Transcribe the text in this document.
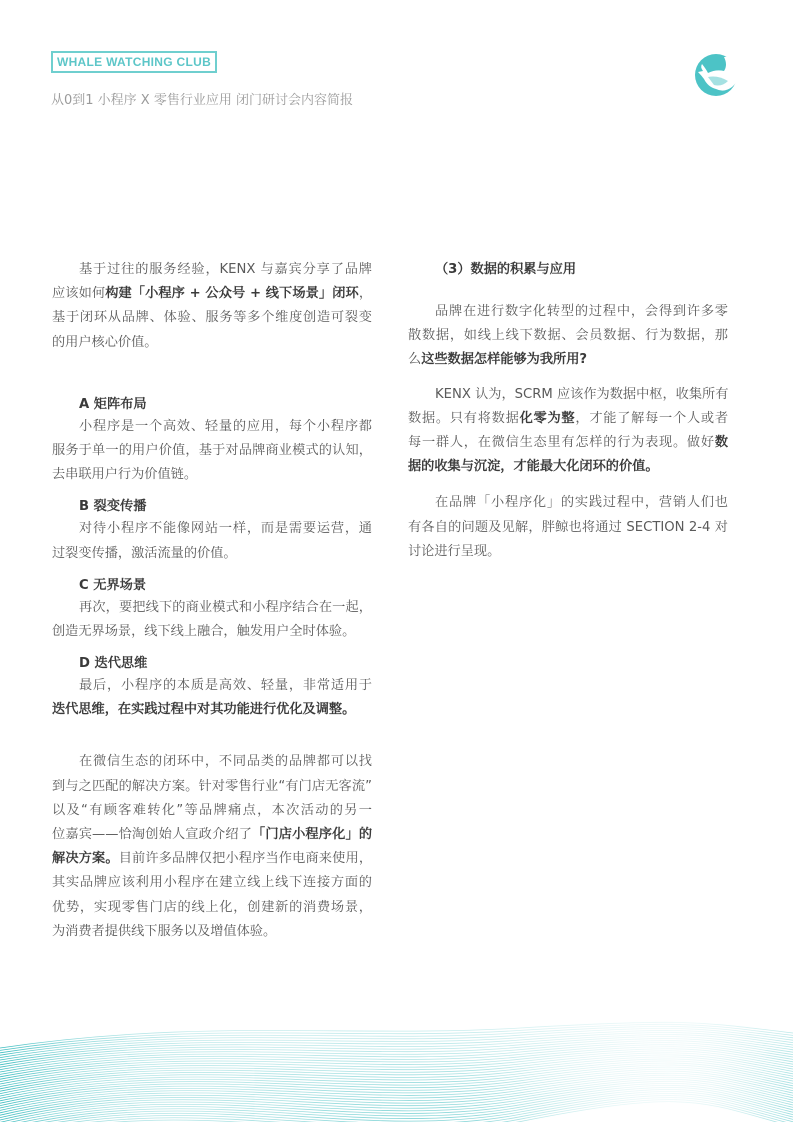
WHALE WATCHING CLUB
从0到1 小程序 X 零售行业应用 闭门研讨会内容简报
基于过往的服务经验，KENX 与嘉宾分享了品牌
应该如何构建「小程序 + 公众号 + 线下场景」闭环，
基于闭环从品牌、体验、服务等多个维度创造可裂变
的用户核心价值。
A 矩阵布局
小程序是一个高效、轻量的应用，每个小程序都
服务于单一的用户价值，基于对品牌商业模式的认知，
去串联用户行为价值链。
B 裂变传播
对待小程序不能像网站一样，而是需要运营，通
过裂变传播，激活流量的价值。
C 无界场景
再次，要把线下的商业模式和小程序结合在一起，
创造无界场景，线下线上融合，触发用户全时体验。
D 迭代思维
最后，小程序的本质是高效、轻量，非常适用于
迭代思维，在实践过程中对其功能进行优化及调整。
在微信生态的闭环中，不同品类的品牌都可以找
到与之匹配的解决方案。针对零售行业“有门店无客流”
以及“有顾客难转化”等品牌痛点，本次活动的另一
位嘉宾——恰淘创始人宣政介绍了「门店小程序化」的
解决方案。目前许多品牌仅把小程序当作电商来使用，
其实品牌应该利用小程序在建立线上线下连接方面的
优势，实现零售门店的线上化，创建新的消费场景，
为消费者提供线下服务以及增值体验。
（3）数据的积累与应用
品牌在进行数字化转型的过程中，会得到许多零
散数据，如线上线下数据、会员数据、行为数据，那
么这些数据怎样能够为我所用?
KENX 认为，SCRM 应该作为数据中枢，收集所有
数据。只有将数据化零为整，才能了解每一个人或者
每一群人，在微信生态里有怎样的行为表现。做好数
据的收集与沉淀，才能最大化闭环的价值。
在品牌「小程序化」的实践过程中，营销人们也
有各自的问题及见解，胖鲸也将通过 SECTION 2-4 对
讨论进行呈现。
